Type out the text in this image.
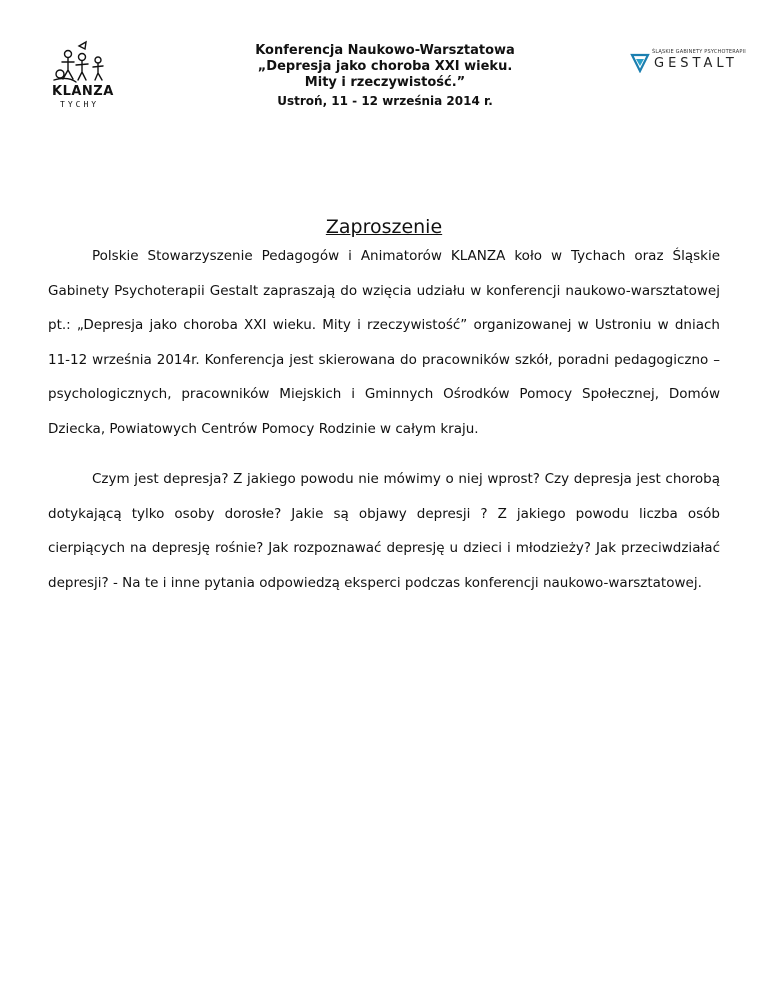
KLANZA
TYCHY
Konferencja Naukowo-Warsztatowa
„Depresja jako choroba XXI wieku.
Mity i rzeczywistość.”
Ustroń, 11 - 12 września 2014 r.
ŚLĄSKIE GABINETY PSYCHOTERAPII
GESTALT
Zaproszenie

Polskie Stowarzyszenie Pedagogów i Animatorów KLANZA koło w Tychach oraz Śląskie Gabinety Psychoterapii Gestalt zapraszają do wzięcia udziału w konferencji naukowo-warsztatowej pt.: „Depresja jako choroba XXI wieku. Mity i rzeczywistość” organizowanej w Ustroniu w dniach 11-12 września 2014r. Konferencja jest skierowana do pracowników szkół, poradni pedagogiczno – psychologicznych, pracowników Miejskich i Gminnych Ośrodków Pomocy Społecznej, Domów Dziecka, Powiatowych Centrów Pomocy Rodzinie w całym kraju.

Czym jest depresja? Z jakiego powodu nie mówimy o niej wprost? Czy depresja jest chorobą dotykającą tylko osoby dorosłe? Jakie są objawy depresji ? Z jakiego powodu liczba osób cierpiących na depresję rośnie? Jak rozpoznawać depresję u dzieci i młodzieży? Jak przeciwdziałać depresji? - Na te i inne pytania odpowiedzą eksperci podczas konferencji naukowo-warsztatowej.
